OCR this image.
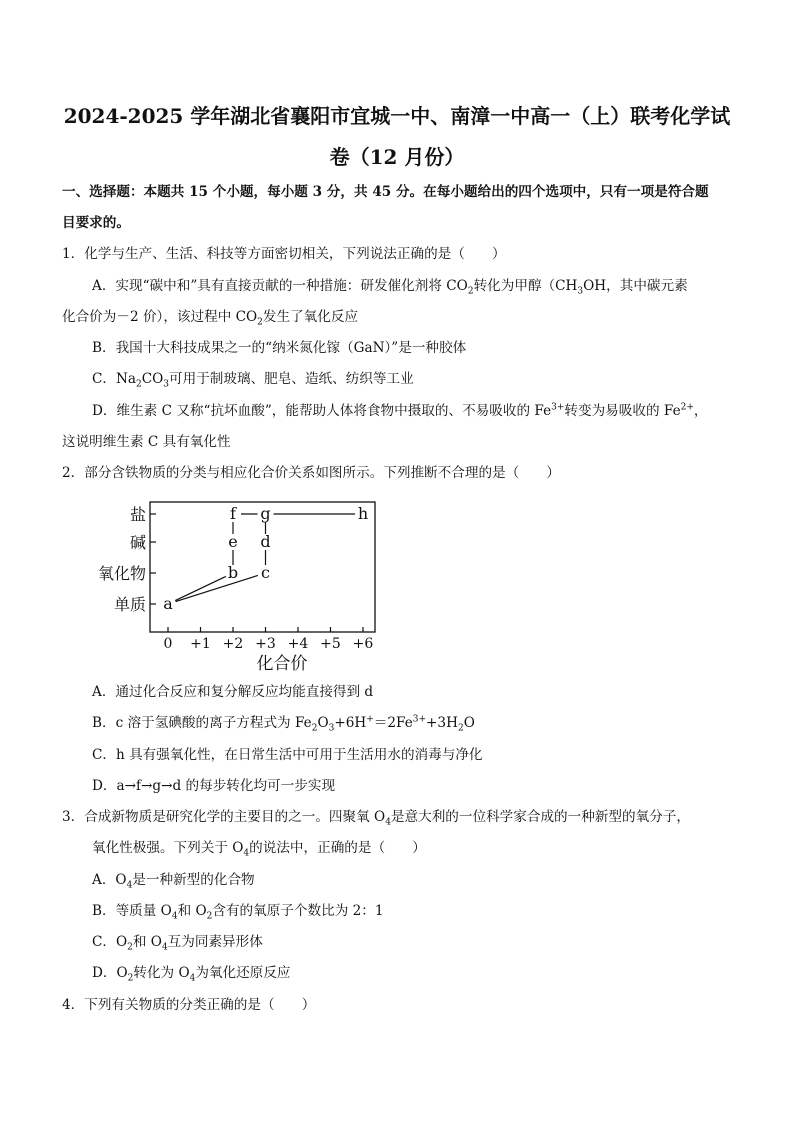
2024-2025 学年湖北省襄阳市宜城一中、南漳一中高一（上）联考化学试
卷（12 月份）
一、选择题：本题共 15 个小题，每小题 3 分，共 45 分。在每小题给出的四个选项中，只有一项是符合题
目要求的。
1．化学与生产、生活、科技等方面密切相关，下列说法正确的是（　　）
A．实现“碳中和”具有直接贡献的一种措施：研发催化剂将 $CO_2$转化为甲醇（$CH_3OH$，其中碳元素
化合价为－2 价），该过程中 $CO_2$发生了氧化反应
B．我国十大科技成果之一的“纳米氮化镓（GaN）”是一种胶体
C．$Na_2CO_3$可用于制玻璃、肥皂、造纸、纺织等工业
D．维生素 C 又称“抗坏血酸”，能帮助人体将食物中摄取的、不易吸收的 $Fe^{3+}$转变为易吸收的 $Fe^{2+}$，
这说明维生素 C 具有氧化性
2．部分含铁物质的分类与相应化合价关系如图所示。下列推断不合理的是（　　）
单质
氧化物
碱
盐
0 +1 +2 +3 +4 +5 +6
a
b c
e d
f g	h
化合价
A．通过化合反应和复分解反应均能直接得到 d
B．c 溶于氢碘酸的离子方程式为 $Fe_2O_3+6H^+=2Fe^{3+}+3H_2O$
C．h 具有强氧化性，在日常生活中可用于生活用水的消毒与净化
D．a→f→g→d 的每步转化均可一步实现
3．合成新物质是研究化学的主要目的之一。四聚氧 $O_4$是意大利的一位科学家合成的一种新型的氧分子，
氧化性极强。下列关于 $O_4$的说法中，正确的是（　　）
A．$O_4$是一种新型的化合物
B．等质量 $O_4$和 $O_2$含有的氧原子个数比为 2：1
C．$O_2$和 $O_4$互为同素异形体
D．$O_2$转化为 $O_4$为氧化还原反应
4．下列有关物质的分类正确的是（　　）
